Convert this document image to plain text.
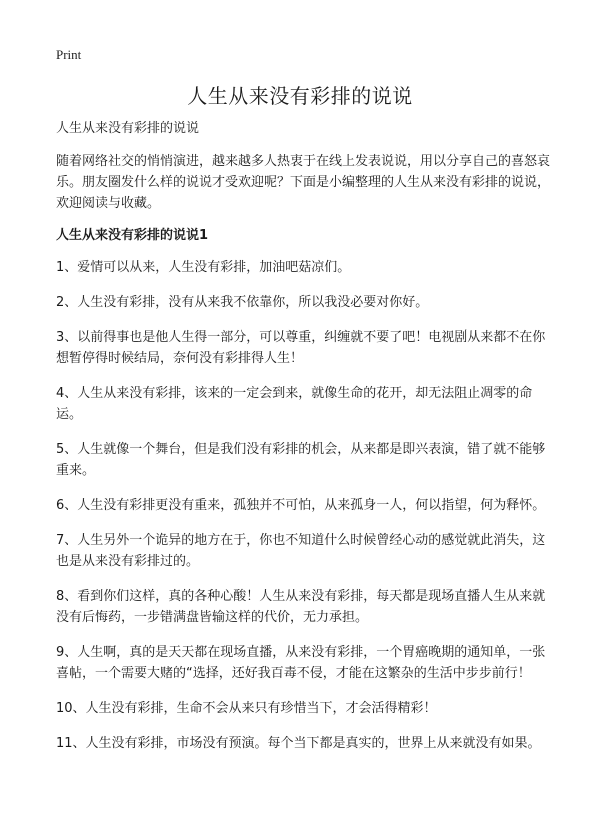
Print
人生从来没有彩排的说说

人生从来没有彩排的说说

随着网络社交的悄悄演进，越来越多人热衷于在线上发表说说，用以分享自己的喜怒哀乐。朋友圈发什么样的说说才受欢迎呢？下面是小编整理的人生从来没有彩排的说说，欢迎阅读与收藏。

人生从来没有彩排的说说1

1、爱情可以从来，人生没有彩排，加油吧菇凉们。

2、人生没有彩排，没有从来我不依靠你，所以我没必要对你好。

3、以前得事也是他人生得一部分，可以尊重，纠缠就不要了吧！电视剧从来都不在你想暂停得时候结局，奈何没有彩排得人生！

4、人生从来没有彩排，该来的一定会到来，就像生命的花开，却无法阻止凋零的命运。

5、人生就像一个舞台，但是我们没有彩排的机会，从来都是即兴表演，错了就不能够重来。

6、人生没有彩排更没有重来，孤独并不可怕，从来孤身一人，何以指望，何为释怀。

7、人生另外一个诡异的地方在于，你也不知道什么时候曾经心动的感觉就此消失，这也是从来没有彩排过的。

8、看到你们这样，真的各种心酸！人生从来没有彩排，每天都是现场直播人生从来就没有后悔药，一步错满盘皆输这样的代价，无力承担。

9、人生啊，真的是天天都在现场直播，从来没有彩排，一个胃癌晚期的通知单，一张喜帖，一个需要大赌的“选择，还好我百毒不侵，才能在这繁杂的生活中步步前行！

10、人生没有彩排，生命不会从来只有珍惜当下，才会活得精彩！

11、人生没有彩排，市场没有预演。每个当下都是真实的，世界上从来就没有如果。
